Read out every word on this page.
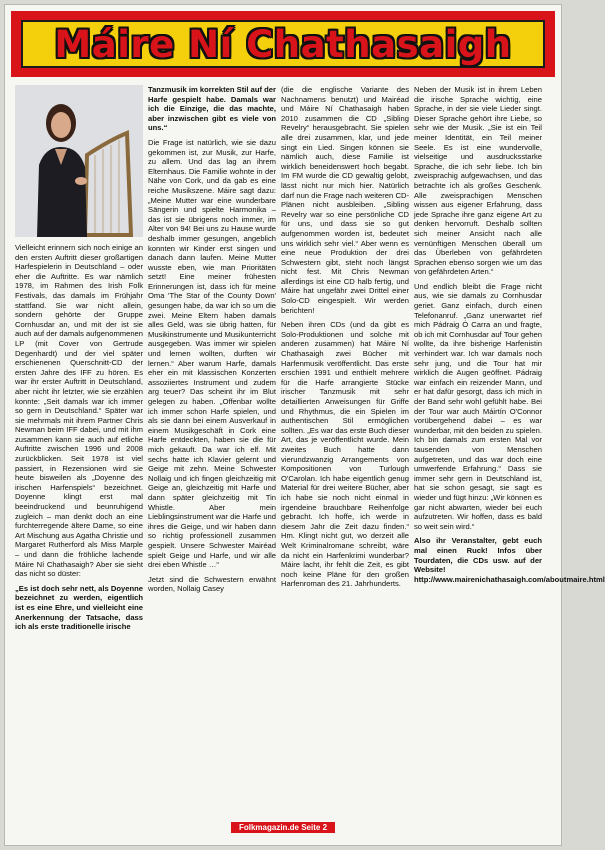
Máire Ní Chathasaigh

Vielleicht erinnern sich noch einige an den ersten Auftritt dieser großartigen Harfespielerin in Deutschland – oder eher die Auftritte. Es war nämlich 1978, im Rahmen des Irish Folk Festivals, das damals im Frühjahr stattfand. Sie war nicht allein, sondern gehörte der Gruppe Cornhusdar an, und mit der ist sie auch auf der damals aufgenommenen LP (mit Cover von Gertrude Degenhardt) und der viel später erschienenen Querschnitt-CD der ersten Jahre des IFF zu hören. Es war ihr erster Auftritt in Deutschland, aber nicht ihr letzter, wie sie erzählen konnte: „Seit damals war ich immer so gern in Deutschland.“ Später war sie mehrmals mit ihrem Partner Chris Newman beim IFF dabei, und mit ihm zusammen kann sie auch auf etliche Auftritte zwischen 1996 und 2008 zurückblicken. Seit 1978 ist viel passiert, in Rezensionen wird sie heute bisweilen als „Doyenne des irischen Harfenspiels“ bezeichnet. Doyenne klingt erst mal beeindruckend und beunruhigend zugleich – man denkt doch an eine furchterregende ältere Dame, so eine Art Mischung aus Agatha Christie und Margaret Rutherford als Miss Marple – und dann die fröhliche lachende Máire Ní Chathasaigh? Aber sie sieht das nicht so düster:

„Es ist doch sehr nett, als Doyenne bezeichnet zu werden, eigentlich ist es eine Ehre, und vielleicht eine Anerkennung der Tatsache, dass ich als erste traditionelle irische

Tanzmusik im korrekten Stil auf der Harfe gespielt habe. Damals war ich die Einzige, die das machte, aber inzwischen gibt es viele von uns.“

Die Frage ist natürlich, wie sie dazu gekommen ist, zur Musik, zur Harfe, zu allem. Und das lag an ihrem Elternhaus. Die Familie wohnte in der Nähe von Cork, und da gab es eine reiche Musikszene. Máire sagt dazu: „Meine Mutter war eine wunderbare Sängerin und spielte Harmonika – das ist sie übrigens noch immer, im Alter von 94! Bei uns zu Hause wurde deshalb immer gesungen, angeblich konnten wir Kinder erst singen und danach dann laufen. Meine Mutter wusste eben, wie man Prioritäten setzt! Eine meiner frühesten Erinnerungen ist, dass ich für meine Oma 'The Star of the County Down' gesungen habe, da war ich so um die zwei. Meine Eltern haben damals alles Geld, was sie übrig hatten, für Musikinstrumente und Musikunterricht ausgegeben. Was immer wir spielen und lernen wollten, durften wir lernen.“ Aber warum Harfe, damals eher ein mit klassischen Konzerten assoziiertes Instrument und zudem arg teuer? Das scheint ihr im Blut gelegen zu haben. „Offenbar wollte ich immer schon Harfe spielen, und als sie dann bei einem Ausverkauf in einem Musikgeschäft in Cork eine Harfe entdeckten, haben sie die für mich gekauft. Da war ich elf. Mit sechs hatte ich Klavier gelernt und Geige mit zehn. Meine Schwester Nollaig und ich fingen gleichzeitig mit Geige an, gleichzeitig mit Harfe und dann später gleichzeitig mit Tin Whistle. Aber mein Lieblingsinstrument war die Harfe und ihres die Geige, und wir haben dann so richtig professionell zusammen gespielt. Unsere Schwester Mairéad spielt Geige und Harfe, und wir alle drei eben Whistle …“

Jetzt sind die Schwestern erwähnt worden, Nollaig Casey

(die die englische Variante des Nachnamens benutzt) und Mairéad und Máire Ní Chathasaigh haben 2010 zusammen die CD „Sibling Revelry“ herausgebracht. Sie spielen alle drei zusammen, klar, und jede singt ein Lied. Singen können sie nämlich auch, diese Familie ist wirklich beneidenswert hoch begabt. Im FM wurde die CD gewaltig gelobt, lässt nicht nur mich hier. Natürlich darf nun die Frage nach weiteren CD-Plänen nicht ausbleiben. „Sibling Revelry war so eine persönliche CD für uns, und dass sie so gut aufgenommen worden ist, bedeutet uns wirklich sehr viel.“ Aber wenn es eine neue Produktion der drei Schwestern gibt, steht noch längst nicht fest. Mit Chris Newman allerdings ist eine CD halb fertig, und Máire hat ungefähr zwei Drittel einer Solo-CD eingespielt. Wir werden berichten!

Neben ihren CDs (und da gibt es Solo-Produktionen und solche mit anderen zusammen) hat Máire Ní Chathasaigh zwei Bücher mit Harfenmusik veröffentlicht. Das erste erschien 1991 und enthielt mehrere für die Harfe arrangierte Stücke irischer Tanzmusik mit sehr detaillierten Anweisungen für Griffe und Rhythmus, die ein Spielen im authentischen Stil ermöglichen sollten. „Es war das erste Buch dieser Art, das je veröffentlicht wurde. Mein zweites Buch hatte dann vierundzwanzig Arrangements von Kompositionen von Turlough O'Carolan. Ich habe eigentlich genug Material für drei weitere Bücher, aber ich habe sie noch nicht einmal in irgendeine brauchbare Reihenfolge gebracht. Ich hoffe, ich werde in diesem Jahr die Zeit dazu finden.“ Hm. Klingt nicht gut, wo derzeit alle Welt Kriminalromane schreibt, wäre da nicht ein Harfenkrimi wunderbar? Máire lacht, ihr fehlt die Zeit, es gibt noch keine Pläne für den großen Harfenroman des 21. Jahrhunderts.

Neben der Musik ist in ihrem Leben die irische Sprache wichtig, eine Sprache, in der sie viele Lieder singt. Dieser Sprache gehört ihre Liebe, so sehr wie der Musik. „Sie ist ein Teil meiner Identität, ein Teil meiner Seele. Es ist eine wundervolle, vielseitige und ausdrucksstarke Sprache, die ich sehr liebe. Ich bin zweisprachig aufgewachsen, und das betrachte ich als großes Geschenk. Alle zweisprachigen Menschen wissen aus eigener Erfahrung, dass jede Sprache ihre ganz eigene Art zu denken hervorruft. Deshalb sollten sich meiner Ansicht nach alle vernünftigen Menschen überall um das Überleben von gefährdeten Sprachen ebenso sorgen wie um das von gefährdeten Arten.“

Und endlich bleibt die Frage nicht aus, wie sie damals zu Cornhusdar geriet. Ganz einfach, durch einen Telefonanruf. „Ganz unerwartet rief mich Pádraig Ó Carra an und fragte, ob ich mit Cornhusdar auf Tour gehen wollte, da ihre bisherige Harfenistin verhindert war. Ich war damals noch sehr jung, und die Tour hat mir wirklich die Augen geöffnet. Pádraig war einfach ein reizender Mann, und er hat dafür gesorgt, dass ich mich in der Band sehr wohl gefühlt habe. Bei der Tour war auch Máirtín O'Connor vorübergehend dabei – es war wunderbar, mit den beiden zu spielen. Ich bin damals zum ersten Mal vor tausenden von Menschen aufgetreten, und das war doch eine umwerfende Erfahrung.“ Dass sie immer sehr gern in Deutschland ist, hat sie schon gesagt, sie sagt es wieder und fügt hinzu: „Wir können es gar nicht abwarten, wieder bei euch aufzutreten. Wir hoffen, dass es bald so weit sein wird.“

Also ihr Veranstalter, gebt euch mal einen Ruck! Infos über Tourdaten, die CDs usw. auf der Website! http://www.mairenichathasaigh.com/aboutmaire.html

Folkmagazin.de Seite 2
